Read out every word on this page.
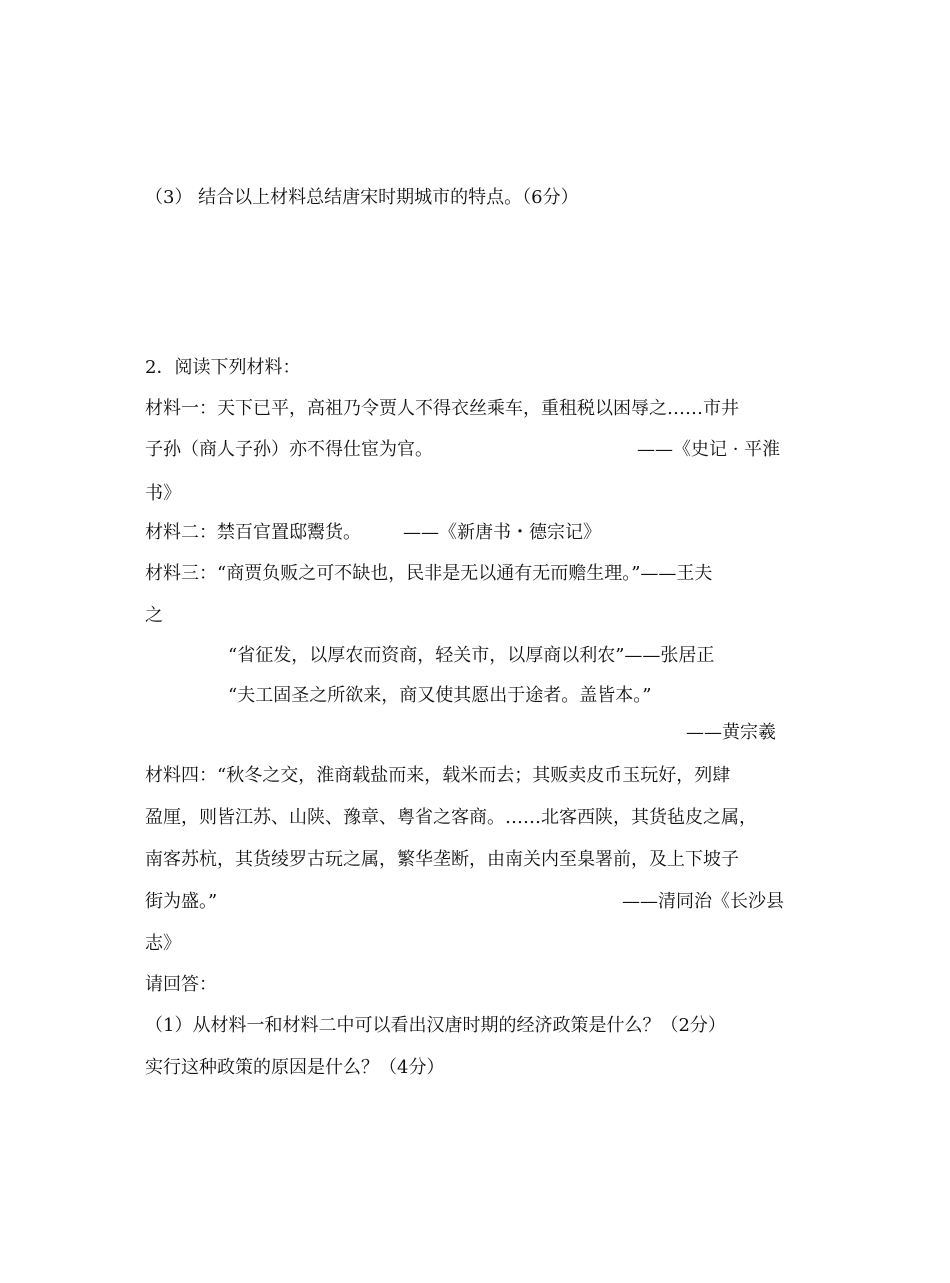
（3） 结合以上材料总结唐宋时期城市的特点。（6分）
2．阅读下列材料：
材料一：天下已平，高祖乃令贾人不得衣丝乘车，重租税以困辱之……市井
子孙（商人子孙）亦不得仕宦为官。	——《史记 · 平淮
书》
材料二：禁百官置邸鬻货。 ——《新唐书・德宗记》
材料三：“商贾负贩之可不缺也，民非是无以通有无而赡生理。”——王夫
之
“省征发，以厚农而资商，轻关市，以厚商以利农”——张居正
“夫工固圣之所欲来，商又使其愿出于途者。盖皆本。”
——黄宗羲
材料四：“秋冬之交，淮商载盐而来，载米而去；其贩卖皮币玉玩好，列肆
盈厘，则皆江苏、山陕、豫章、粤省之客商。……北客西陕，其货毡皮之属，
南客苏杭，其货绫罗古玩之属，繁华垄断，由南关内至臬署前，及上下坡子
街为盛。”	——清同治《长沙县
志》
请回答：
（1）从材料一和材料二中可以看出汉唐时期的经济政策是什么？（2分）
实行这种政策的原因是什么？（4分）
